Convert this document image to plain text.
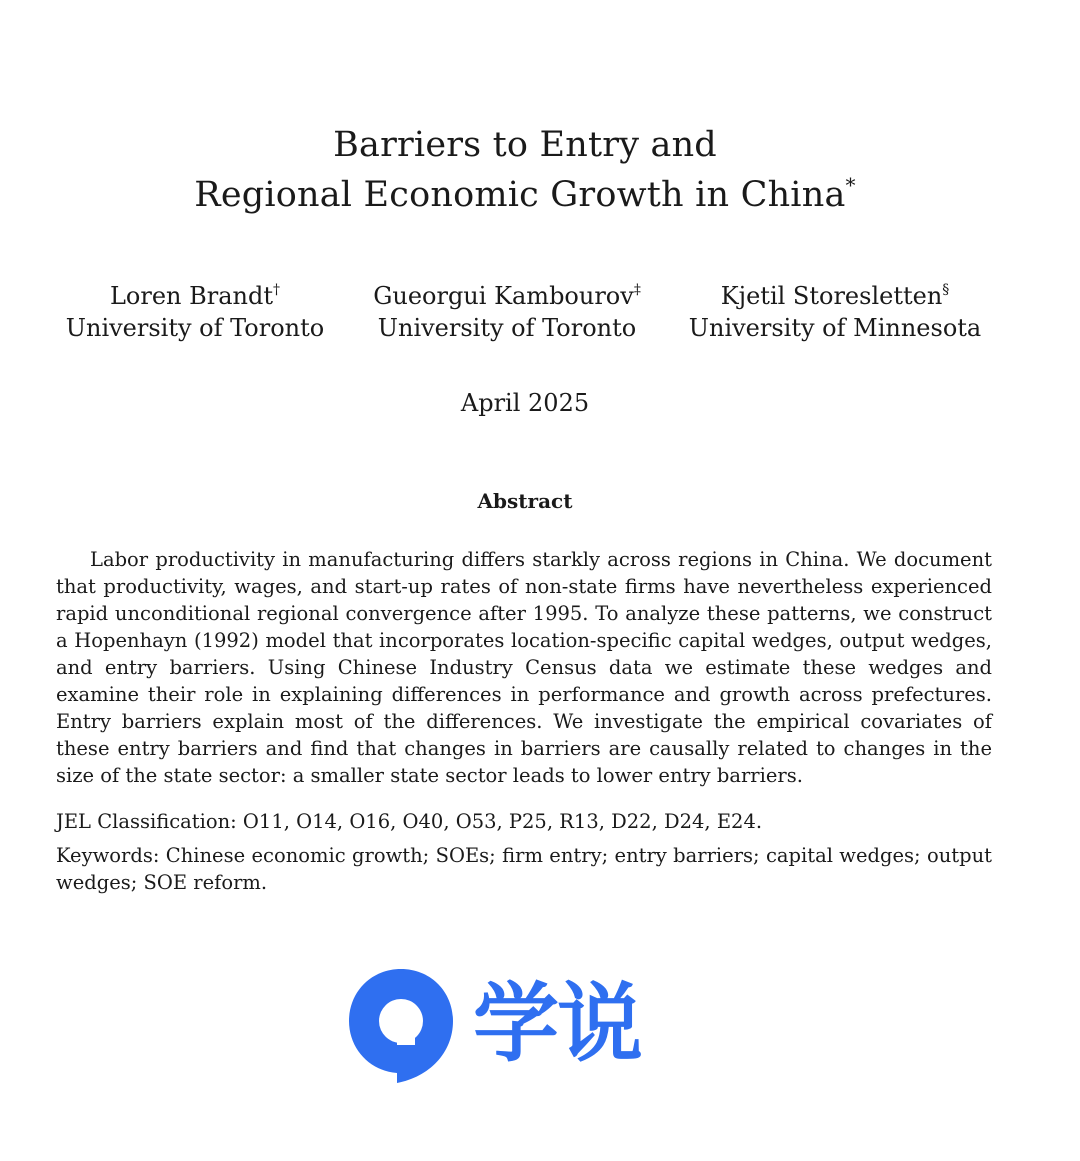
Barriers to Entry and
Regional Economic Growth in China*
Loren Brandt†
University of Toronto
Gueorgui Kambourov‡
University of Toronto
Kjetil Storesletten§
University of Minnesota
April 2025
Abstract
Labor productivity in manufacturing differs starkly across regions in China. We document that productivity, wages, and start-up rates of non-state firms have nevertheless experienced rapid unconditional regional convergence after 1995. To analyze these patterns, we construct a Hopenhayn (1992) model that incorporates location-specific capital wedges, output wedges, and entry barriers. Using Chinese Industry Census data we estimate these wedges and examine their role in explaining differences in performance and growth across prefectures. Entry barriers explain most of the differences. We investigate the empirical covariates of these entry barriers and find that changes in barriers are causally related to changes in the size of the state sector: a smaller state sector leads to lower entry barriers.
JEL Classification: O11, O14, O16, O40, O53, P25, R13, D22, D24, E24.
Keywords: Chinese economic growth; SOEs; firm entry; entry barriers; capital wedges; output wedges; SOE reform.
学说
